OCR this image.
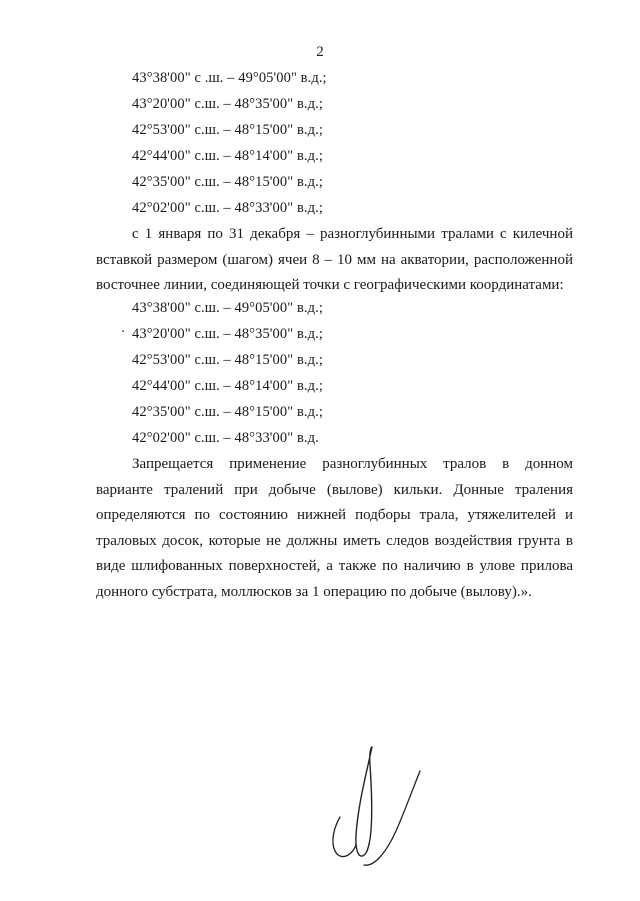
2
43°38'00" с .ш. – 49°05'00" в.д.;
43°20'00" с.ш. – 48°35'00" в.д.;
42°53'00" с.ш. – 48°15'00" в.д.;
42°44'00" с.ш. – 48°14'00" в.д.;
42°35'00" с.ш. – 48°15'00" в.д.;
42°02'00" с.ш. – 48°33'00" в.д.;

с 1 января по 31 декабря – разноглубинными тралами с килечной вставкой размером (шагом) ячеи 8 – 10 мм на акватории, расположенной восточнее линии, соединяющей точки с географическими координатами:

43°38'00" с.ш. – 49°05'00" в.д.;
43°20'00" с.ш. – 48°35'00" в.д.;
42°53'00" с.ш. – 48°15'00" в.д.;
42°44'00" с.ш. – 48°14'00" в.д.;
42°35'00" с.ш. – 48°15'00" в.д.;
42°02'00" с.ш. – 48°33'00" в.д.

Запрещается применение разноглубинных тралов в донном варианте тралений при добыче (вылове) кильки. Донные траления определяются по состоянию нижней подборы трала, утяжелителей и траловых досок, которые не должны иметь следов воздействия грунта в виде шлифованных поверхностей, а также по наличию в улове прилова донного субстрата, моллюсков за 1 операцию по добыче (вылову).».
